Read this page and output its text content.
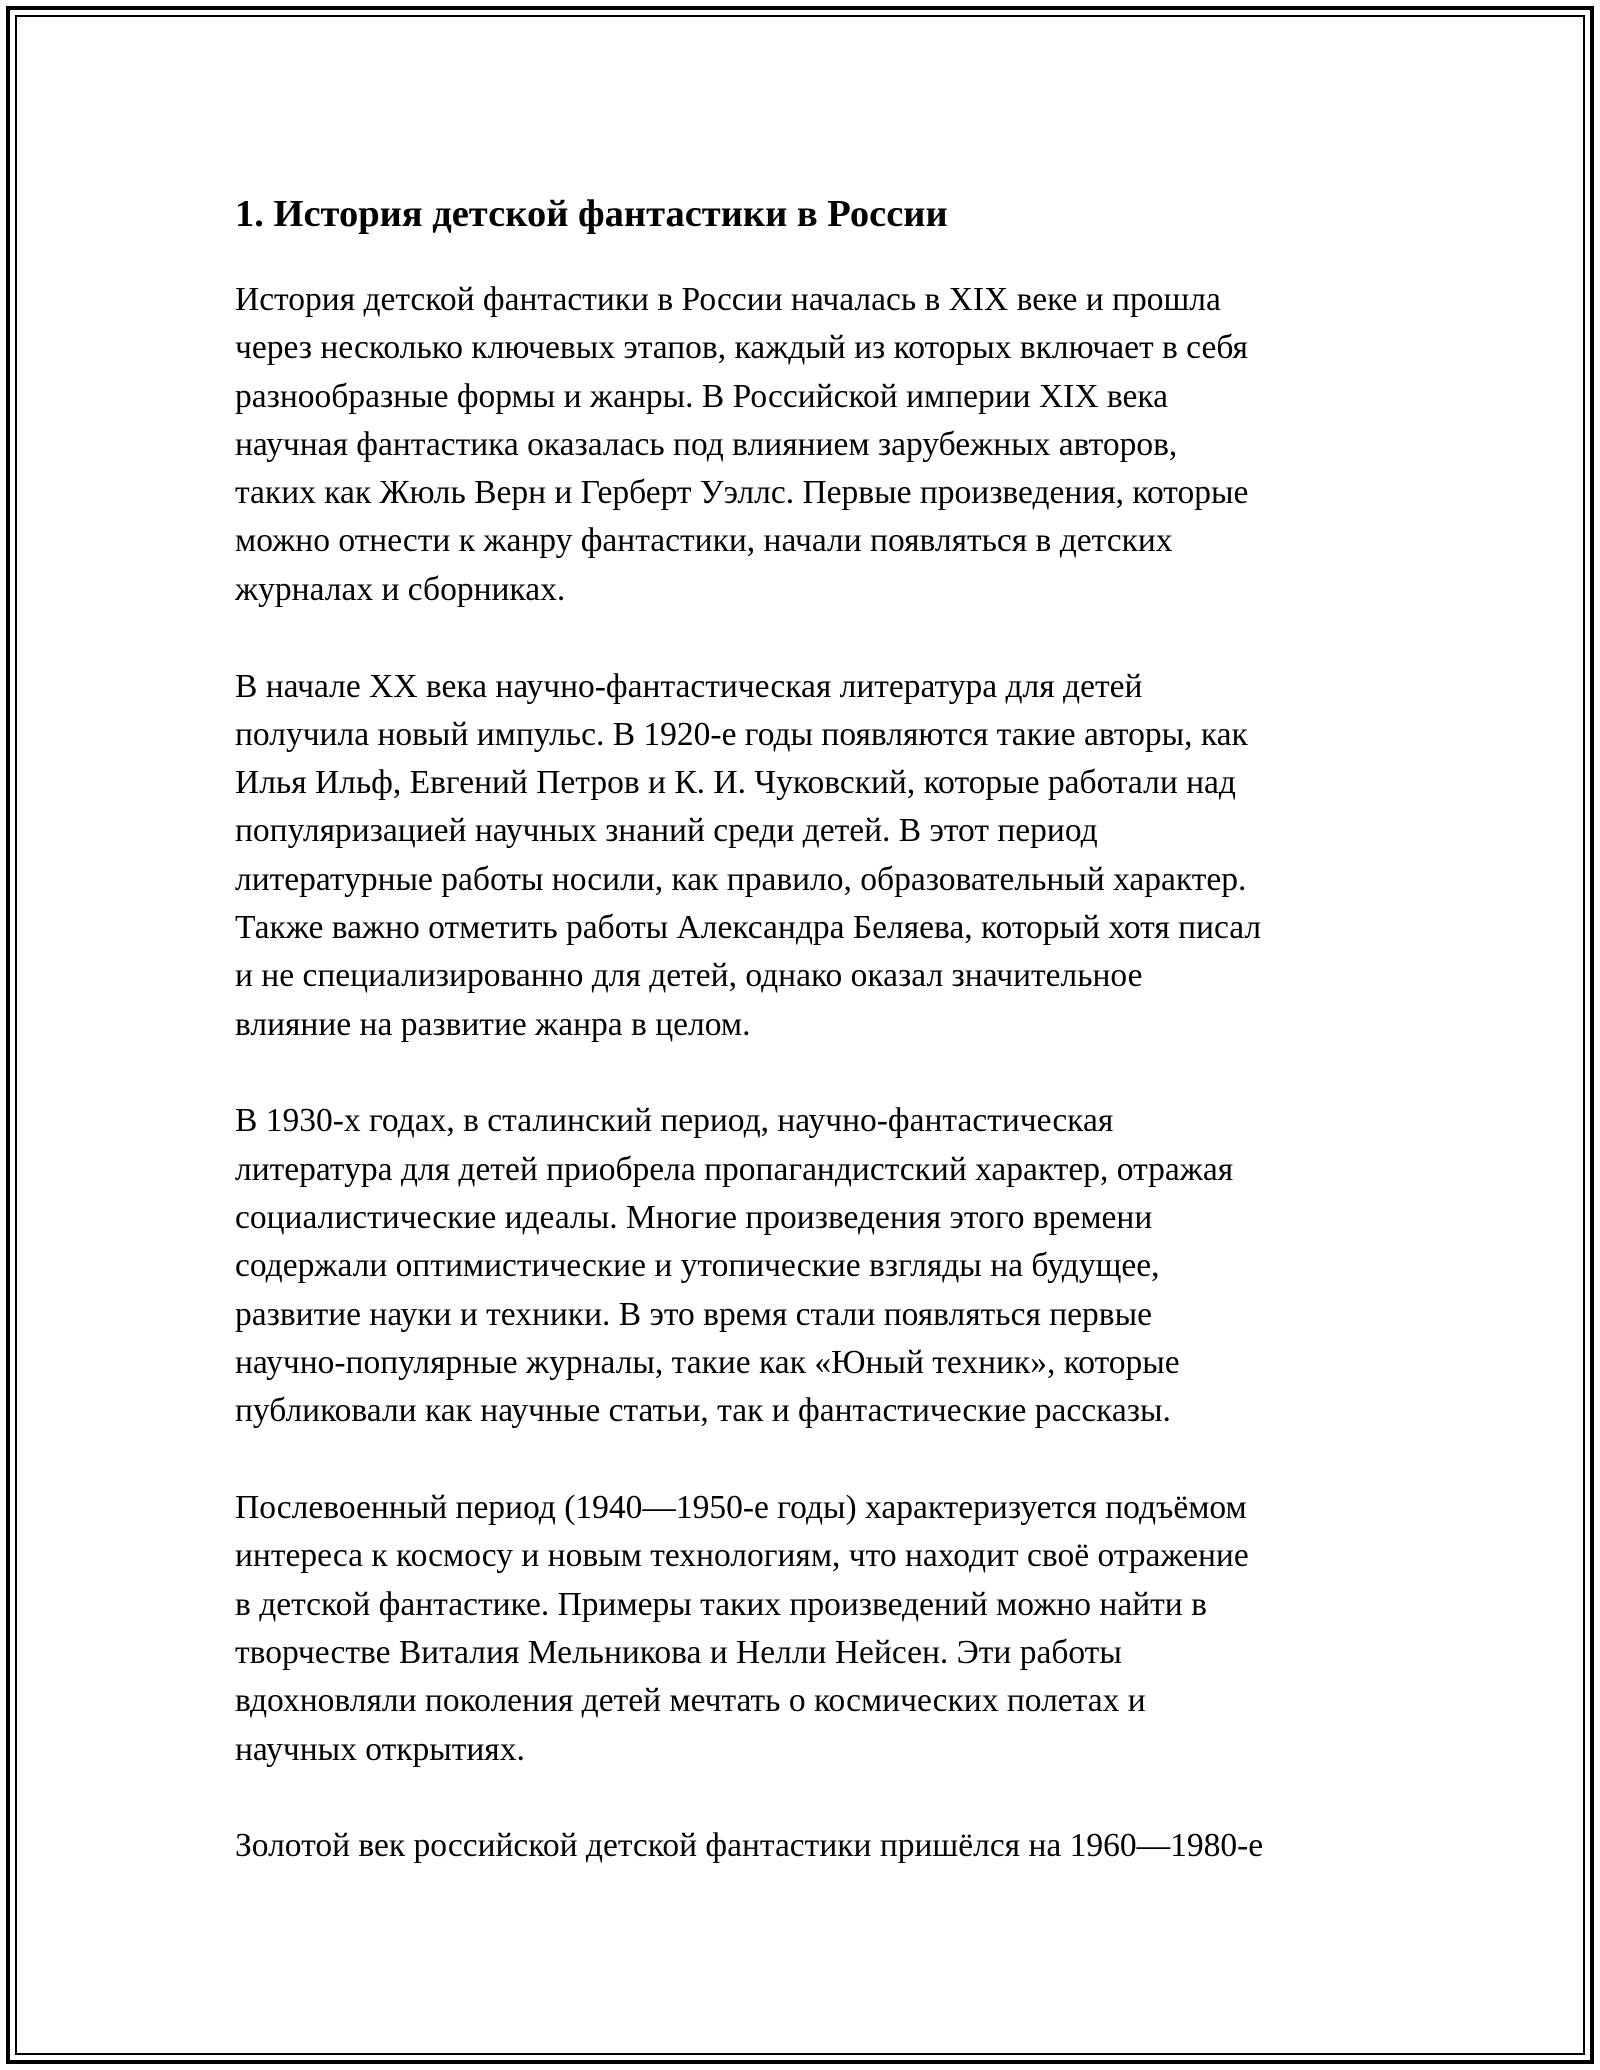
1. История детской фантастики в России

История детской фантастики в России началась в XIX веке и прошла
через несколько ключевых этапов, каждый из которых включает в себя
разнообразные формы и жанры. В Российской империи XIX века
научная фантастика оказалась под влиянием зарубежных авторов,
таких как Жюль Верн и Герберт Уэллс. Первые произведения, которые
можно отнести к жанру фантастики, начали появляться в детских
журналах и сборниках.

В начале XX века научно-фантастическая литература для детей
получила новый импульс. В 1920-е годы появляются такие авторы, как
Илья Ильф, Евгений Петров и К. И. Чуковский, которые работали над
популяризацией научных знаний среди детей. В этот период
литературные работы носили, как правило, образовательный характер.
Также важно отметить работы Александра Беляева, который хотя писал
и не специализированно для детей, однако оказал значительное
влияние на развитие жанра в целом.

В 1930-х годах, в сталинский период, научно-фантастическая
литература для детей приобрела пропагандистский характер, отражая
социалистические идеалы. Многие произведения этого времени
содержали оптимистические и утопические взгляды на будущее,
развитие науки и техники. В это время стали появляться первые
научно-популярные журналы, такие как «Юный техник», которые
публиковали как научные статьи, так и фантастические рассказы.

Послевоенный период (1940—1950-е годы) характеризуется подъёмом
интереса к космосу и новым технологиям, что находит своё отражение
в детской фантастике. Примеры таких произведений можно найти в
творчестве Виталия Мельникова и Нелли Нейсен. Эти работы
вдохновляли поколения детей мечтать о космических полетах и
научных открытиях.

Золотой век российской детской фантастики пришёлся на 1960—1980-е
